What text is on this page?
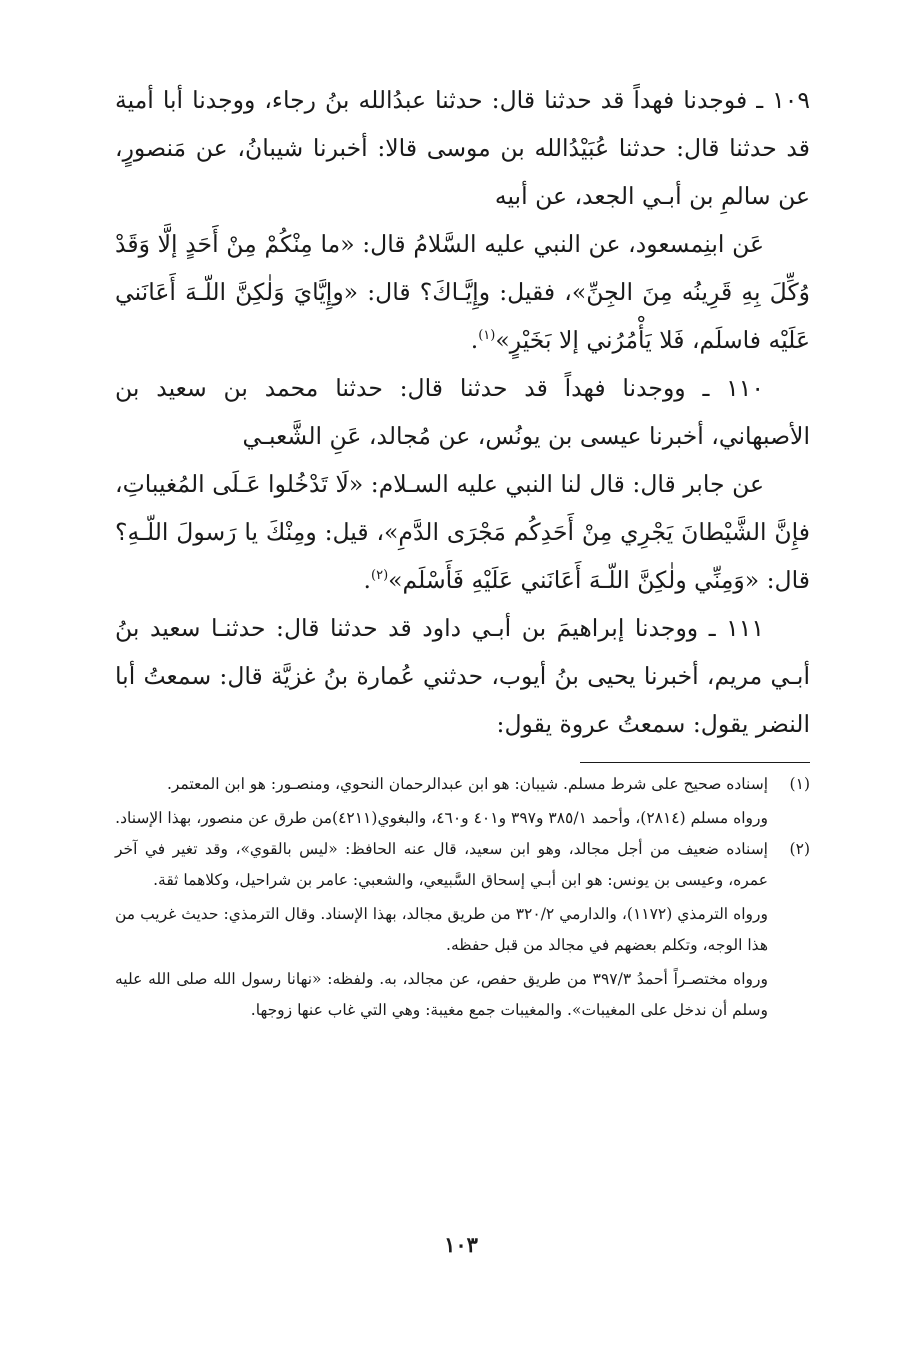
١٠٩ ـ فوجدنا فهداً قد حدثنا قال: حدثنا عبدُالله بنُ رجاء، ووجدنا أبا أمية قد حدثنا قال: حدثنا عُبَيْدُالله بن موسى قالا: أخبرنا شيبانُ، عن مَنصورٍ، عن سالمِ بن أبـي الجعد، عن أبيه

عَن ابنِمسعود، عن النبي عليه السَّلامُ قال: «ما مِنْكُمْ مِنْ أَحَدٍ إلَّا وَقَدْ وُكِّلَ بِهِ قَرِينُه مِنَ الجِنِّ»، فقيل: وإِيَّـاكَ؟ قال: «وإِيَّايَ وَلٰكِنَّ اللّـهَ أَعَانَني عَلَيْه فاسلَم، فَلا يَأْمُرُني إلا بَخَيْرٍ»$^{(١)}$.

١١٠ ـ ووجدنا فهداً قد حدثنا قال: حدثنا محمد بن سعيد بن الأصبهاني، أخبرنا عيسى بن يونُس، عن مُجالد، عَنِ الشَّعبـي

عن جابر قال: قال لنا النبي عليه السـلام: «لَا تَدْخُلوا عَـلَى المُغيباتِ، فإِنَّ الشَّيْطانَ يَجْرِي مِنْ أَحَدِكُم مَجْرَى الدَّمِ»، قيل: ومِنْكَ يا رَسولَ اللّـهِ؟ قال: «وَمِنِّي ولٰكِنَّ اللّـهَ أَعَانَني عَلَيْهِ فَأَسْلَم»$^{(٢)}$.

١١١ ـ ووجدنا إبراهيمَ بن أبـي داود قد حدثنا قال: حدثنـا سعيد بنُ أبـي مريم، أخبرنا يحيى بنُ أيوب، حدثني عُمارة بنُ غزيَّة قال: سمعتُ أبا النضر يقول: سمعتُ عروة يقول:

(١)

إسناده صحيح على شرط مسلم. شيبان: هو ابن عبدالرحمان النحوي، ومنصـور: هو ابن المعتمر.

ورواه مسلم (٢٨١٤)، وأحمد ٣٨٥/١ و٣٩٧ و٤٠١ و٤٦٠، والبغوي(٤٢١١)من طرق عن منصور، بهذا الإسناد.

(٢)

إسناده ضعيف من أجل مجالد، وهو ابن سعيد، قال عنه الحافظ: «ليس بالقوي»، وقد تغير في آخر عمره، وعيسى بن يونس: هو ابن أبـي إسحاق السَّبيعي، والشعبي: عامر بن شراحيل، وكلاهما ثقة.

ورواه الترمذي (١١٧٢)، والدارمي ٣٢٠/٢ من طريق مجالد، بهذا الإسناد. وقال الترمذي: حديث غريب من هذا الوجه، وتكلم بعضهم في مجالد من قبل حفظه.

ورواه مختصـراً أحمدُ ٣٩٧/٣ من طريق حفص، عن مجالد، به. ولفظه: «نهانا رسول الله صلى الله عليه وسلم أن ندخل على المغيبات». والمغيبات جمع مغيبة: وهي التي غاب عنها زوجها.

١٠٣
